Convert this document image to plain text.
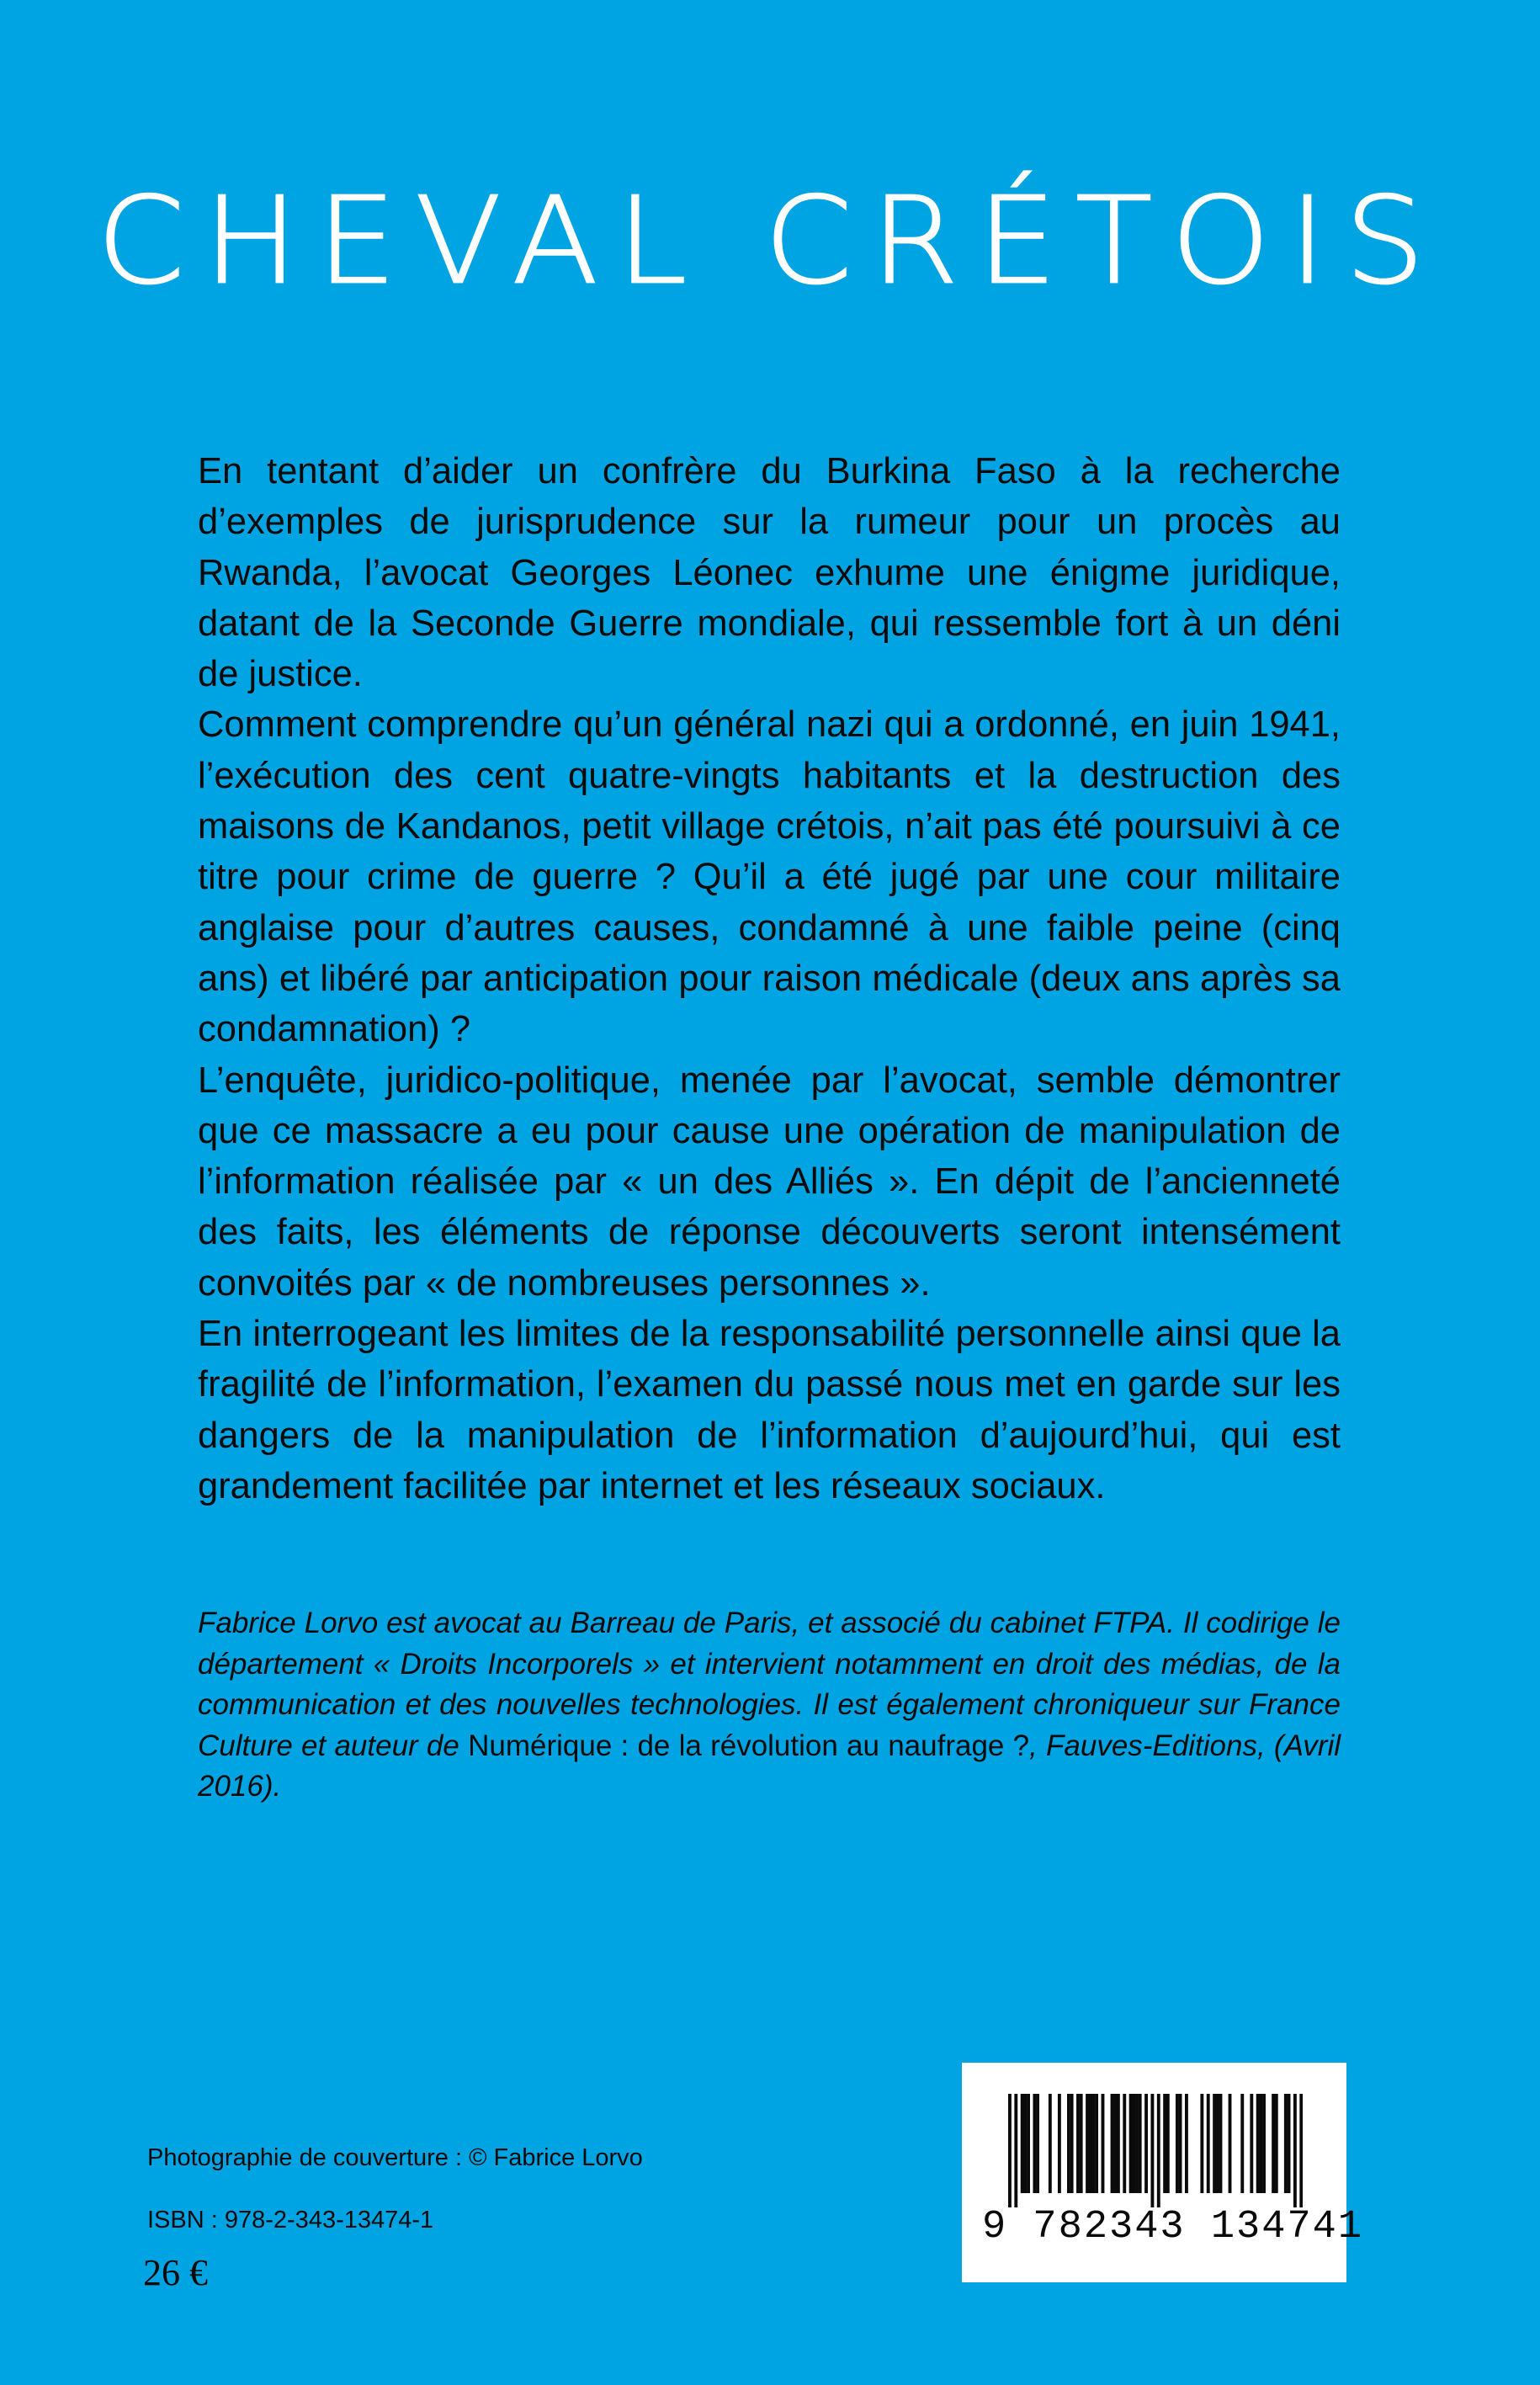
CHEVAL CRÉTOIS

En tentant d’aider un confrère du Burkina Faso à la recherche d’exemples de jurisprudence sur la rumeur pour un procès au Rwanda, l’avocat Georges Léonec exhume une énigme juridique, datant de la Seconde Guerre mondiale, qui ressemble fort à un déni de justice.

Comment comprendre qu’un général nazi qui a ordonné, en juin 1941, l’exécution des cent quatre-vingts habitants et la destruction des maisons de Kandanos, petit village crétois, n’ait pas été poursuivi à ce titre pour crime de guerre ? Qu’il a été jugé par une cour militaire anglaise pour d’autres causes, condamné à une faible peine (cinq ans) et libéré par anticipation pour raison médicale (deux ans après sa condamnation) ?

L’enquête, juridico-politique, menée par l’avocat, semble démontrer que ce massacre a eu pour cause une opération de manipulation de l’information réalisée par « un des Alliés ». En dépit de l’ancienneté des faits, les éléments de réponse découverts seront intensément convoités par « de nombreuses personnes ».

En interrogeant les limites de la responsabilité personnelle ainsi que la fragilité de l’information, l’examen du passé nous met en garde sur les dangers de la manipulation de l’information d’aujourd’hui, qui est grandement facilitée par internet et les réseaux sociaux.

Fabrice Lorvo est avocat au Barreau de Paris, et associé du cabinet FTPA. Il codirige le département « Droits Incorporels » et intervient notamment en droit des médias, de la communication et des nouvelles technologies. Il est également chroniqueur sur France Culture et auteur de Numérique : de la révolution au naufrage ?, Fauves-Editions, (Avril 2016).
Photographie de couverture : © Fabrice Lorvo
ISBN : 978-2-343-13474-1
26 €
9 782343 134741
